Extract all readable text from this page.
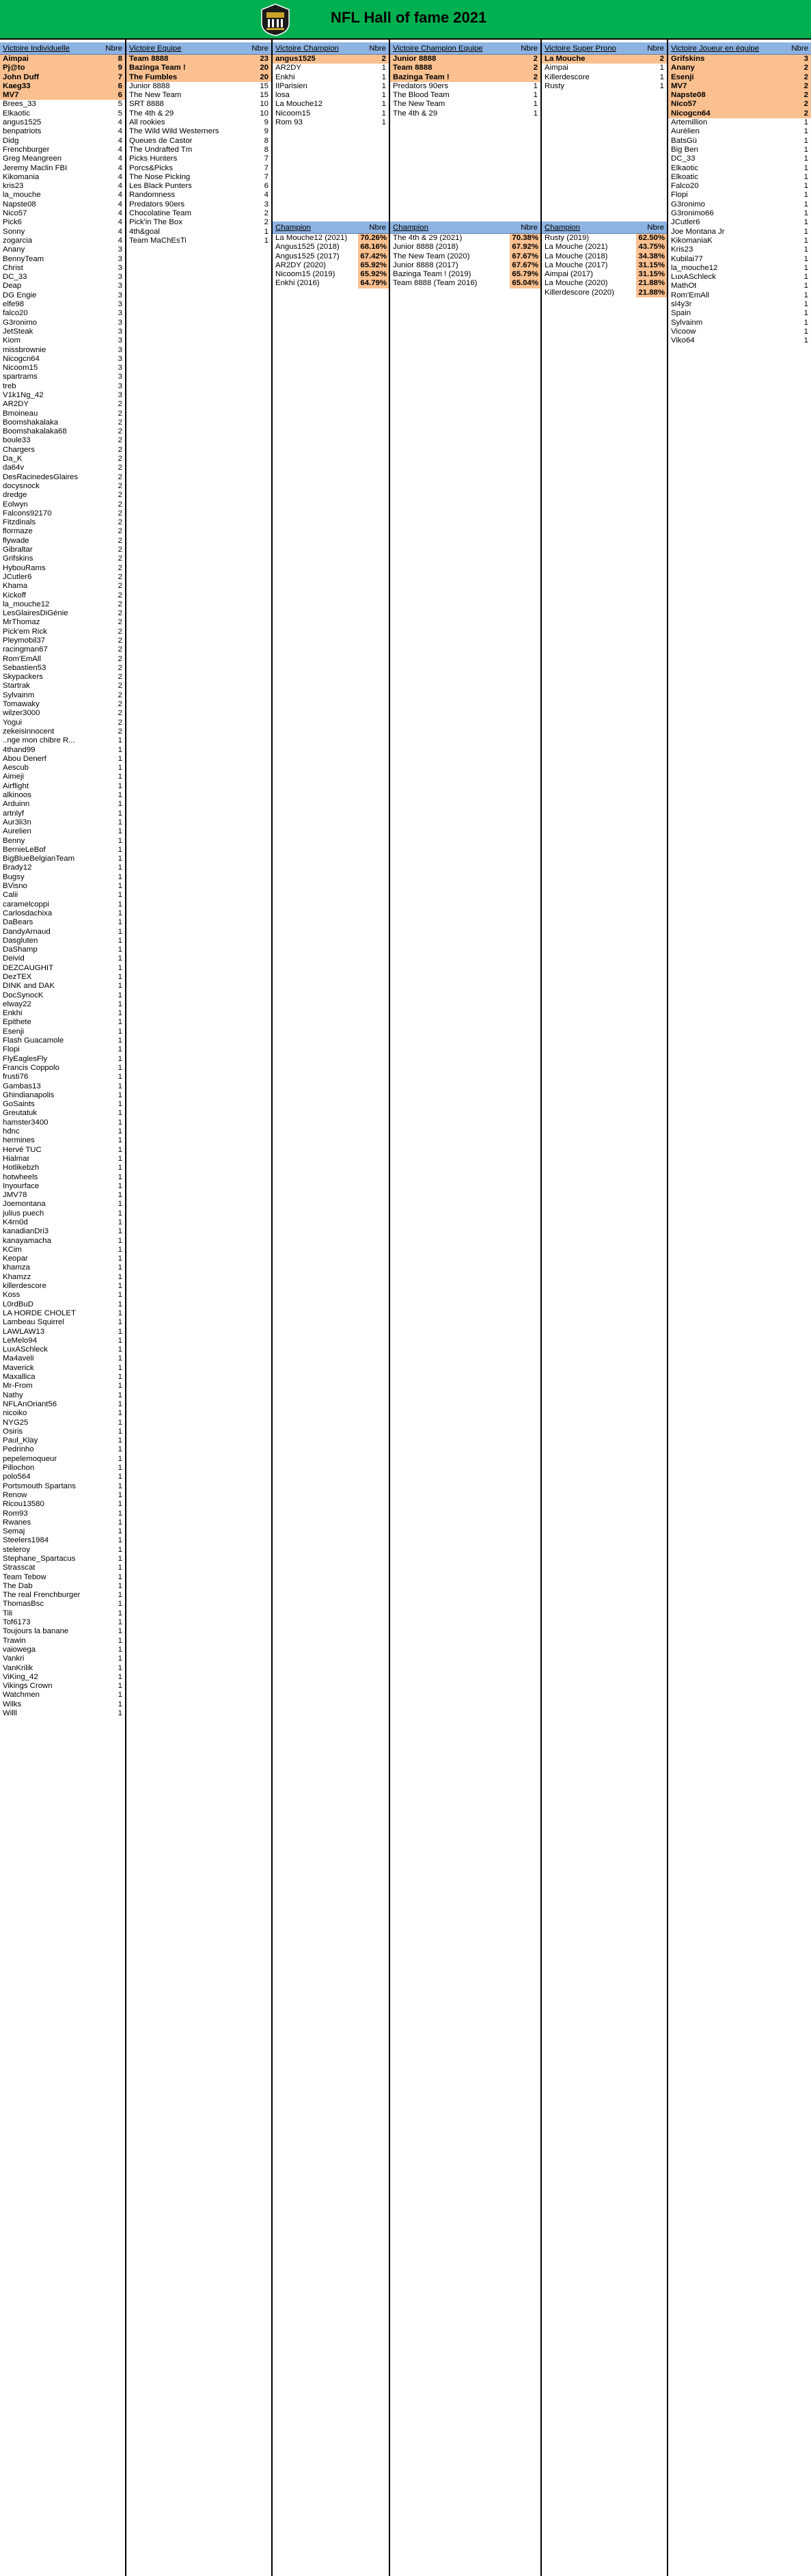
NFL Hall of fame 2021
Victoire Individuelle	Nbre
Aimpai	8
Pj@to	9
John Duff	7
Kaeg33	6
MV7	6
Brees_33	5
Elkaotic	5
angus1525	4
benpatriots	4
Didg	4
Frenchburger	4
Greg Meangreen	4
Jeremy Maclin FBI	4
Kikomania	4
kris23	4
la_mouche	4
Napste08	4
Nico57	4
Pick6	4
Sonny	4
zogarcia	4
Anany	3
BennyTeam	3
Christ	3
DC_33	3
Deap	3
DG Engie	3
elfe98	3
falco20	3
G3ronimo	3
JetSteak	3
Kiom	3
missbrownie	3
Nicogcn64	3
Nicoom15	3
spartrams	3
treb	3
V1k1Ng_42	3
AR2DY	2
Bmoineau	2
Boomshakalaka	2
Boomshakalaka68	2
boule33	2
Chargers	2
Da_K	2
da64v	2
DesRacinedesGlaires	2
docysnock	2
dredge	2
Eolwyn	2
Falcons92170	2
Fitzdinals	2
flormaze	2
flywade	2
Gibraltar	2
Grifskins	2
HybouRams	2
JCutler6	2
Khama	2
Kickoff	2
la_mouche12	2
LesGlairesDiGénie	2
MrThomaz	2
Pick'em Rick	2
Pleymobil37	2
racingman67	2
Rom'EmAll	2
Sebastien53	2
Skypackers	2
Startrak	2
Sylvainm	2
Tomawaky	2
wilzer3000	2
Yogui	2
zekeisinnocent	2
..nge mon chibre R...	1
4thand99	1
Abou Denerf	1
Aescub	1
Aimeji	1
Airflight	1
alkinoos	1
Arduinn	1
artnlyf	1
Aur3li3n	1
Aurelien	1
Benny	1
BernieLeBof	1
BigBlueBelgianTeam	1
Brady12	1
Bugsy	1
BVisno	1
Calii	1
caramelcoppi	1
Carlosdachixa	1
DaBears	1
DandyArnaud	1
Dasgluten	1
DaShamp	1
Deivid	1
DEZCAUGHIT	1
DezTEX	1
DINK and DAK	1
DocSynocK	1
elway22	1
Enkhi	1
Epithete	1
Esenji	1
Flash Guacamole	1
Flopi	1
FlyEaglesFly	1
Francis Coppolo	1
frusti76	1
Gambas13	1
Ghindianapolis	1
GoSaints	1
Greutatuk	1
hamster3400	1
hdnc	1
hermines	1
Hervé TUC	1
Hialmar	1
Hotlikebzh	1
hotwheels	1
Inyourface	1
JMV78	1
Joemontana	1
julius puech	1
K4rn0d	1
kanadianDri3	1
kanayamacha	1
KCim	1
Keopar	1
khamza	1
Khamzz	1
killerdescore	1
Koss	1
L0rdBuD	1
LA HORDE CHOLET	1
Lambeau Squirrel	1
LAWLAW13	1
LeMelo94	1
LuxASchleck	1
Ma4aveli	1
Maverick	1
Maxallica	1
Mr-From	1
Nathy	1
NFLAnOriant56	1
nicoiko	1
NYG25	1
Osiris	1
Paul_Klay	1
Pedrinho	1
pepelemoqueur	1
Pillochon	1
polo564	1
Portsmouth Spartans	1
Renow	1
Ricou13580	1
Rom93	1
Rwanes	1
Semaj	1
Steelers1984	1
steleroy	1
Stephane_Spartacus	1
Strasscat	1
Team Tebow	1
The Dab	1
The real Frenchburger	1
ThomasBsc	1
Tili	1
Tof6173	1
Toujours la banane	1
Trawin	1
vaiowega	1
Vankri	1
VanKrilik	1
ViKing_42	1
Vikings Crown	1
Watchmen	1
Wilks	1
Willl	1
Victoire Equipe	Nbre
Team 8888	23
Bazinga Team !	20
The Fumbles	20
Junior 8888	15
The New Team	15
SRT 8888	10
The 4th & 29	10
All rookies	9
The Wild Wild Westerners	9
Queues de Castor	8
The Undrafted Tm	8
Picks Hunters	7
Porcs&Picks	7
The Nose Picking	7
Les Black Punters	6
Randomness	4
Predators 90ers	3
Chocolatine Team	2
Pick'in The Box	2
4th&goal	1
Team MaChEsTi	1
Victoire Champion	Nbre
angus1525	2
AR2DY	1
Enkhi	1
IlParisien	1
losa	1
La Mouche12	1
Nicoom15	1
Rom 93	1
Champion	Nbre
La Mouche12 (2021) 70.26%
Angus1525 (2018)	68.16%
Angus1525 (2017)	67.42%
AR2DY (2020)	65.92%
Nicoom15 (2019)	65.92%
Enkhi (2016)	64.79%
Victoire Champion Equipe	Nbre
Junior 8888	2
Team 8888	2
Bazinga Team !	2
Predators 90ers	1
The Blood Team	1
The New Team	1
The 4th & 29	1
Champion	Nbre
The 4th & 29 (2021)	70.38%
Junior 8888 (2018)	67.92%
The New Team (2020)	67.67%
Junior 8888 (2017)	67.67%
Bazinga Team ! (2019)	65.79%
Team 8888 (Team 2016)	65.04%
Victoire Super Prono	Nbre
La Mouche	2
Aimpai	1
Killerdescore	1
Rusty	1
Champion	Nbre
Rusty (2019)	62.50%
La Mouche (2021)	43.75%
La Mouche (2018)	34.38%
La Mouche (2017)	31.15%
Aimpai (2017)	31.15%
La Mouche (2020)	21.88%
Killerdescore (2020)	21.88%
Victoire Joueur en équipe	Nbre
Grifskins	3
Anany	2
Esenji	2
MV7	2
Napste08	2
Nico57	2
Nicogcn64	2
Artemillion	1
Aurélien	1
BatsGü	1
Big Ben	1
DC_33	1
Elkaotic	1
Elkoatic	1
Falco20	1
Flopi	1
G3ronimo	1
G3ronimo66	1
JCutler6	1
Joe Montana Jr	1
KikomaniaK	1
Kris23	1
Kubilai77	1
la_mouche12	1
LuxASchleck	1
MathOt	1
Rom'EmAll	1
sl4y3r	1
Spain	1
Sylvainm	1
Vicoow	1
Viko64	1
